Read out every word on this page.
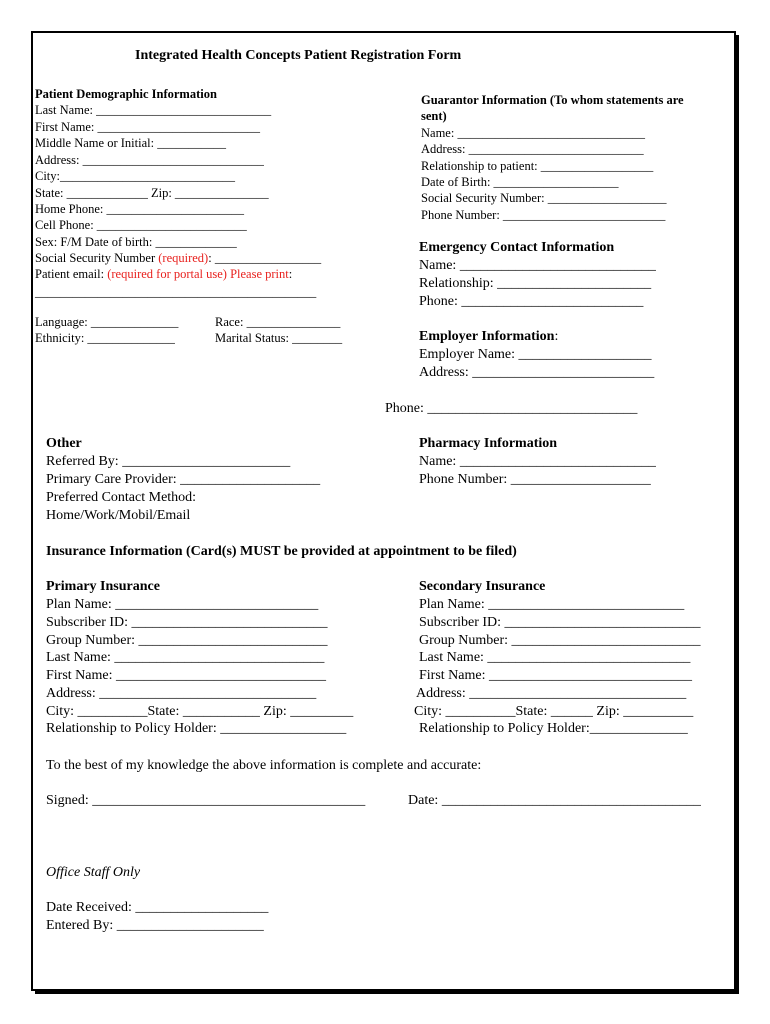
Integrated Health Concepts Patient Registration Form
Patient Demographic Information
Last Name: ____________________________
First Name: __________________________
Middle Name or Initial: ___________
Address: _____________________________
City:____________________________
State: _____________ Zip: _______________
Home Phone: ______________________
Cell Phone: ________________________
Sex: F/M Date of birth: _____________
Social Security Number (required): _________________
Patient email: (required for portal use) Please print:
_____________________________________________
Language: ______________	Race: _______________
Ethnicity: ______________	Marital Status: ________
Guarantor Information (To whom statements are
sent)
Name: ______________________________
Address: ____________________________
Relationship to patient: __________________
Date of Birth: ____________________
Social Security Number: ___________________
Phone Number: __________________________
Emergency Contact Information
Name: ____________________________
Relationship: ______________________
Phone: __________________________
Employer Information:
Employer Name: ___________________
Address: __________________________
Phone: ______________________________
Other
Referred By: ________________________
Primary Care Provider: ____________________
Preferred Contact Method:
Home/Work/Mobil/Email
Pharmacy Information
Name: ____________________________
Phone Number: ____________________
Insurance Information (Card(s) MUST be provided at appointment to be filed)
Primary Insurance
Plan Name: _____________________________
Subscriber ID: ____________________________
Group Number: ___________________________
Last Name: ______________________________
First Name: ______________________________
Address: _______________________________
City: __________State: ___________ Zip: _________
Relationship to Policy Holder: __________________
Secondary Insurance
Plan Name: ____________________________
Subscriber ID: ____________________________
Group Number: ___________________________
Last Name: _____________________________
First Name: _____________________________
Address: _______________________________
City: __________State: ______ Zip: __________
Relationship to Policy Holder:______________
To the best of my knowledge the above information is complete and accurate:
Signed: _______________________________________	Date: _____________________________________
Office Staff Only
Date Received: ___________________
Entered By: _____________________
